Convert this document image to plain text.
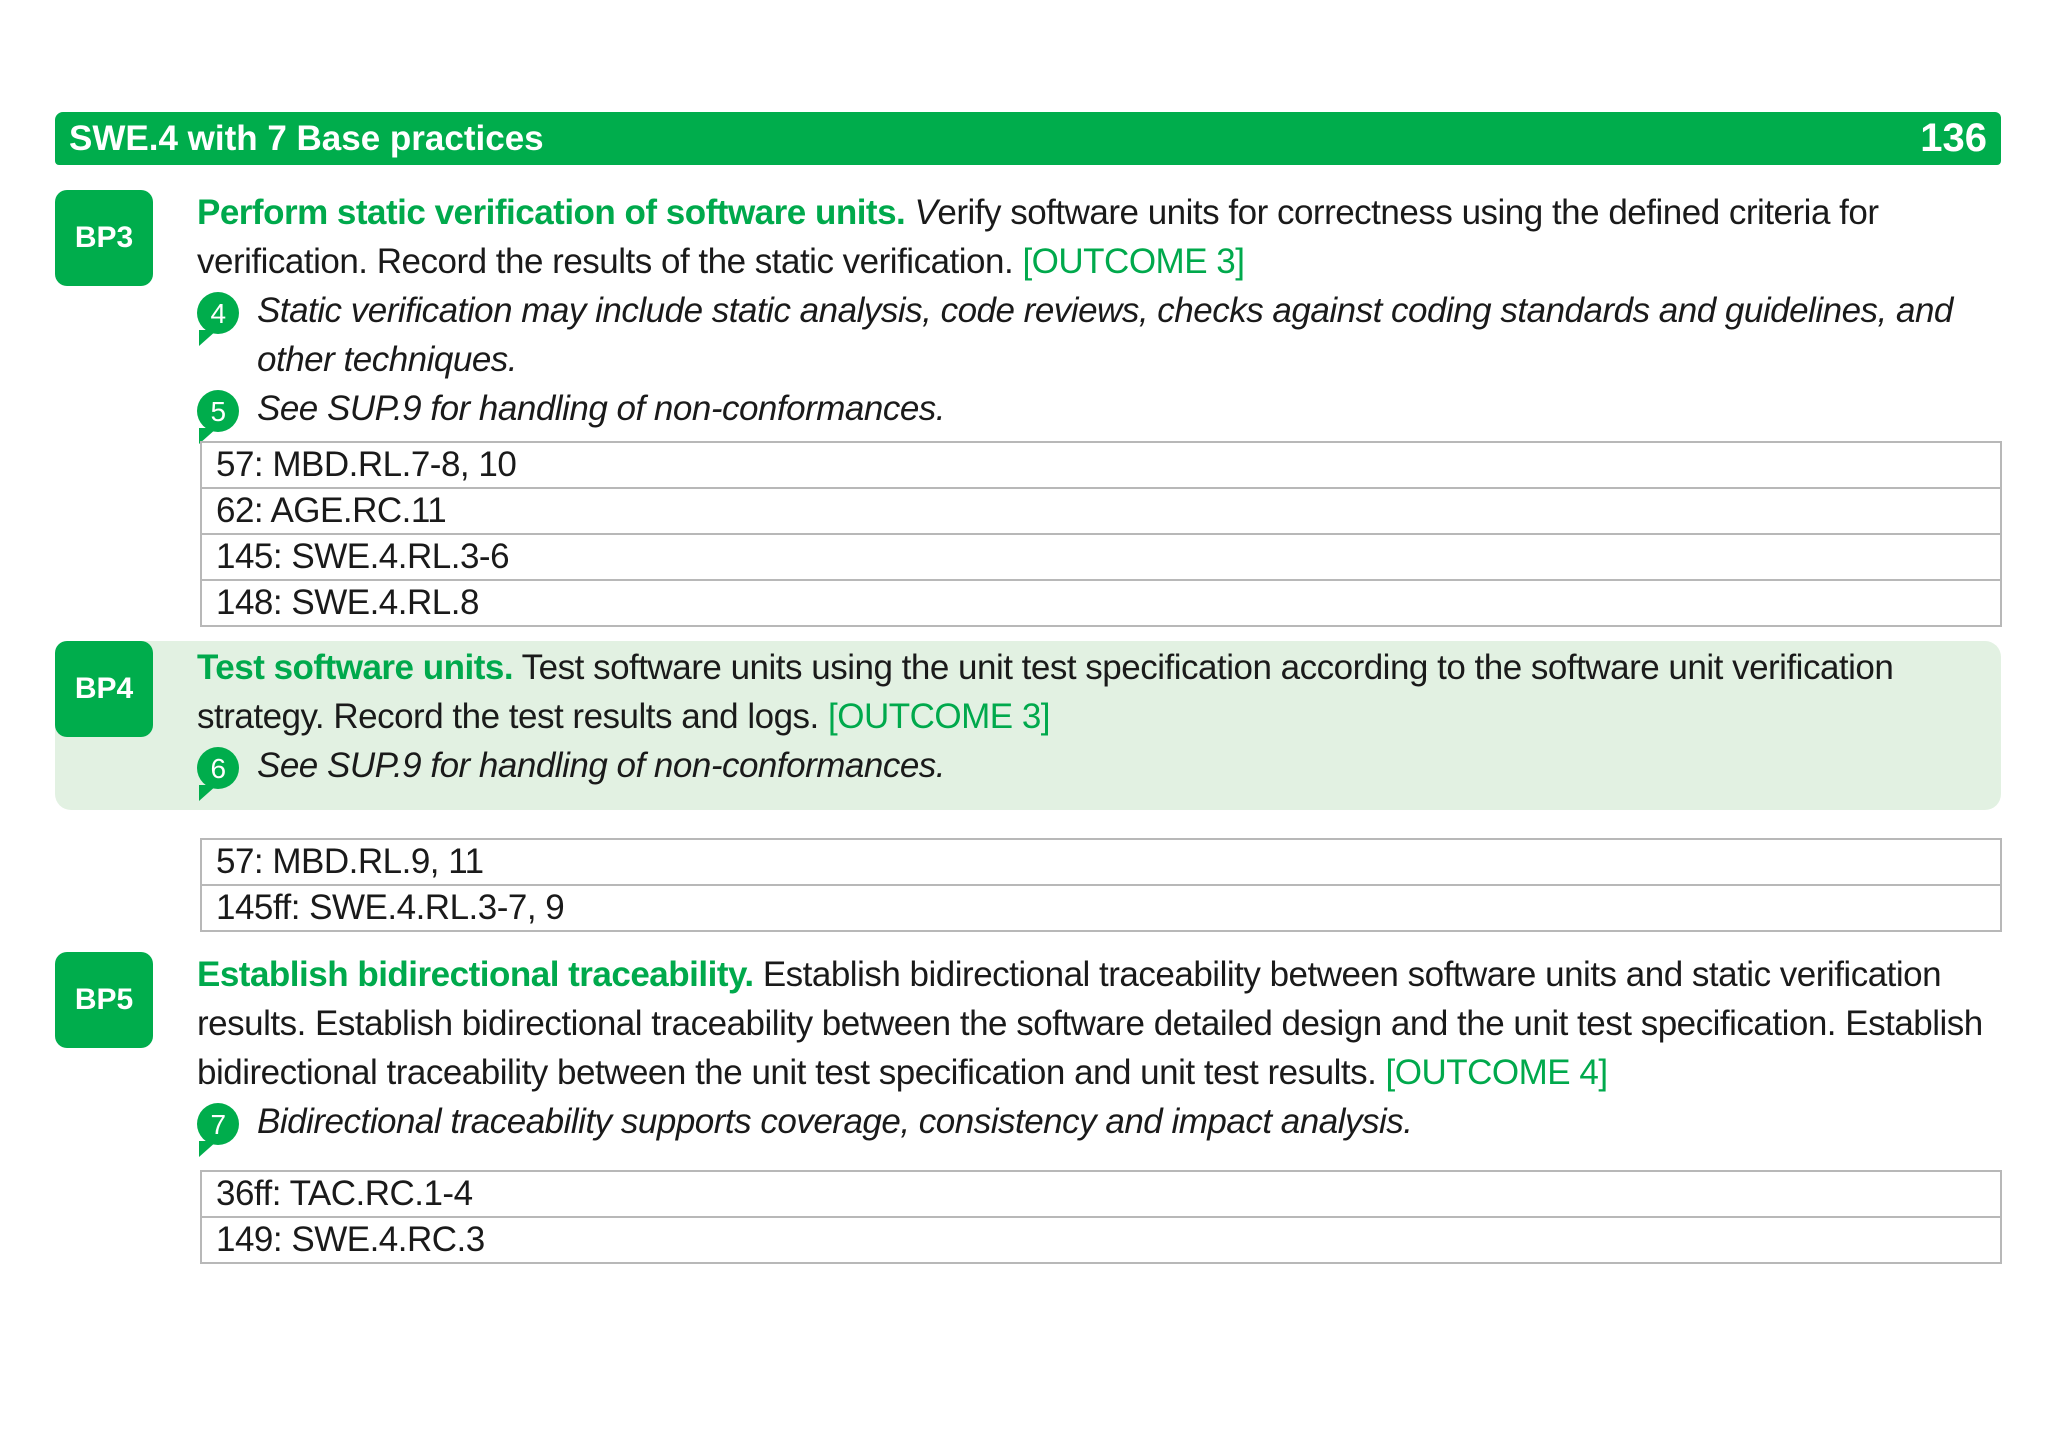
SWE.4 with 7 Base practices	136
BP3
Perform static verification of software units. Verify software units for correctness using the defined criteria for verification. Record the results of the static verification. [OUTCOME 3]
4 Static verification may include static analysis, code reviews, checks against coding standards and guidelines, and other techniques.
5 See SUP.9 for handling of non-conformances.
57: MBD.RL.7-8, 10
62: AGE.RC.11
145: SWE.4.RL.3-6
148: SWE.4.RL.8
BP4
Test software units. Test software units using the unit test specification according to the software unit verification strategy. Record the test results and logs. [OUTCOME 3]
6 See SUP.9 for handling of non-conformances.
57: MBD.RL.9, 11
145ff: SWE.4.RL.3-7, 9
BP5
Establish bidirectional traceability. Establish bidirectional traceability between software units and static verification results. Establish bidirectional traceability between the software detailed design and the unit test specification. Establish bidirectional traceability between the unit test specification and unit test results. [OUTCOME 4]
7 Bidirectional traceability supports coverage, consistency and impact analysis.
36ff: TAC.RC.1-4
149: SWE.4.RC.3
